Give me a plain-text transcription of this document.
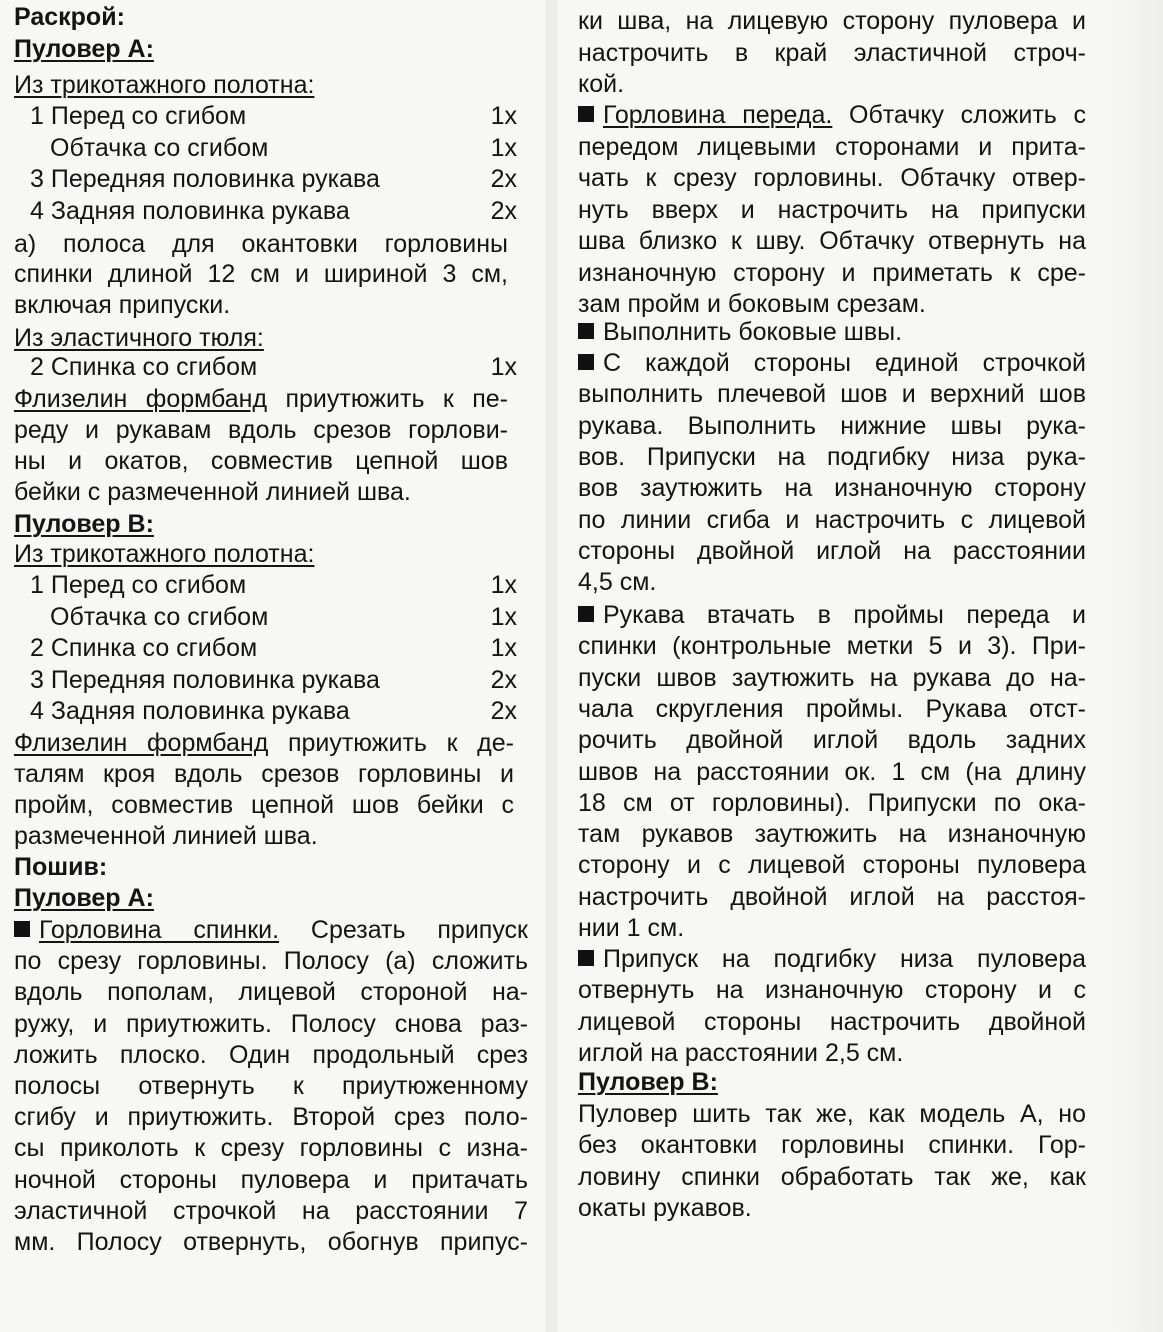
Раскрой:
Пуловер A:
Из трикотажного полотна:
1 Перед со сгибом	1x
Обтачка со сгибом	1x
3 Передняя половинка рукава	2x
4 Задняя половинка рукава	2x
а) полоса для окантовки горловины
спинки длиной 12 см и шириной 3 см,
включая припуски.
Из эластичного тюля:
2 Спинка со сгибом	1x
Флизелин формбанд приутюжить к пе-
реду и рукавам вдоль срезов горлови-
ны и окатов, совместив цепной шов
бейки с размеченной линией шва.
Пуловер B:
Из трикотажного полотна:
1 Перед со сгибом	1x
Обтачка со сгибом	1x
2 Спинка со сгибом	1x
3 Передняя половинка рукава	2x
4 Задняя половинка рукава	2x
Флизелин формбанд приутюжить к де-
талям кроя вдоль срезов горловины и
пройм, совместив цепной шов бейки с
размеченной линией шва.
Пошив:
Пуловер A:
Горловина спинки. Срезать припуск
по срезу горловины. Полосу (а) сложить
вдоль пополам, лицевой стороной на-
ружу, и приутюжить. Полосу снова раз-
ложить плоско. Один продольный срез
полосы отвернуть к приутюженному
сгибу и приутюжить. Второй срез поло-
сы приколоть к срезу горловины с изна-
ночной стороны пуловера и притачать
эластичной строчкой на расстоянии 7
мм. Полосу отвернуть, обогнув припус-
ки шва, на лицевую сторону пуловера и
настрочить в край эластичной строч-
кой.
Горловина переда. Обтачку сложить с
передом лицевыми сторонами и прита-
чать к срезу горловины. Обтачку отвер-
нуть вверх и настрочить на припуски
шва близко к шву. Обтачку отвернуть на
изнаночную сторону и приметать к сре-
зам пройм и боковым срезам.
Выполнить боковые швы.
С каждой стороны единой строчкой
выполнить плечевой шов и верхний шов
рукава. Выполнить нижние швы рука-
вов. Припуски на подгибку низа рука-
вов заутюжить на изнаночную сторону
по линии сгиба и настрочить с лицевой
стороны двойной иглой на расстоянии
4,5 см.
Рукава втачать в проймы переда и
спинки (контрольные метки 5 и 3). При-
пуски швов заутюжить на рукава до на-
чала скругления проймы. Рукава отст-
рочить двойной иглой вдоль задних
швов на расстоянии ок. 1 см (на длину
18 см от горловины). Припуски по ока-
там рукавов заутюжить на изнаночную
сторону и с лицевой стороны пуловера
настрочить двойной иглой на расстоя-
нии 1 см.
Припуск на подгибку низа пуловера
отвернуть на изнаночную сторону и с
лицевой стороны настрочить двойной
иглой на расстоянии 2,5 см.
Пуловер B:
Пуловер шить так же, как модель А, но
без окантовки горловины спинки. Гор-
ловину спинки обработать так же, как
окаты рукавов.
